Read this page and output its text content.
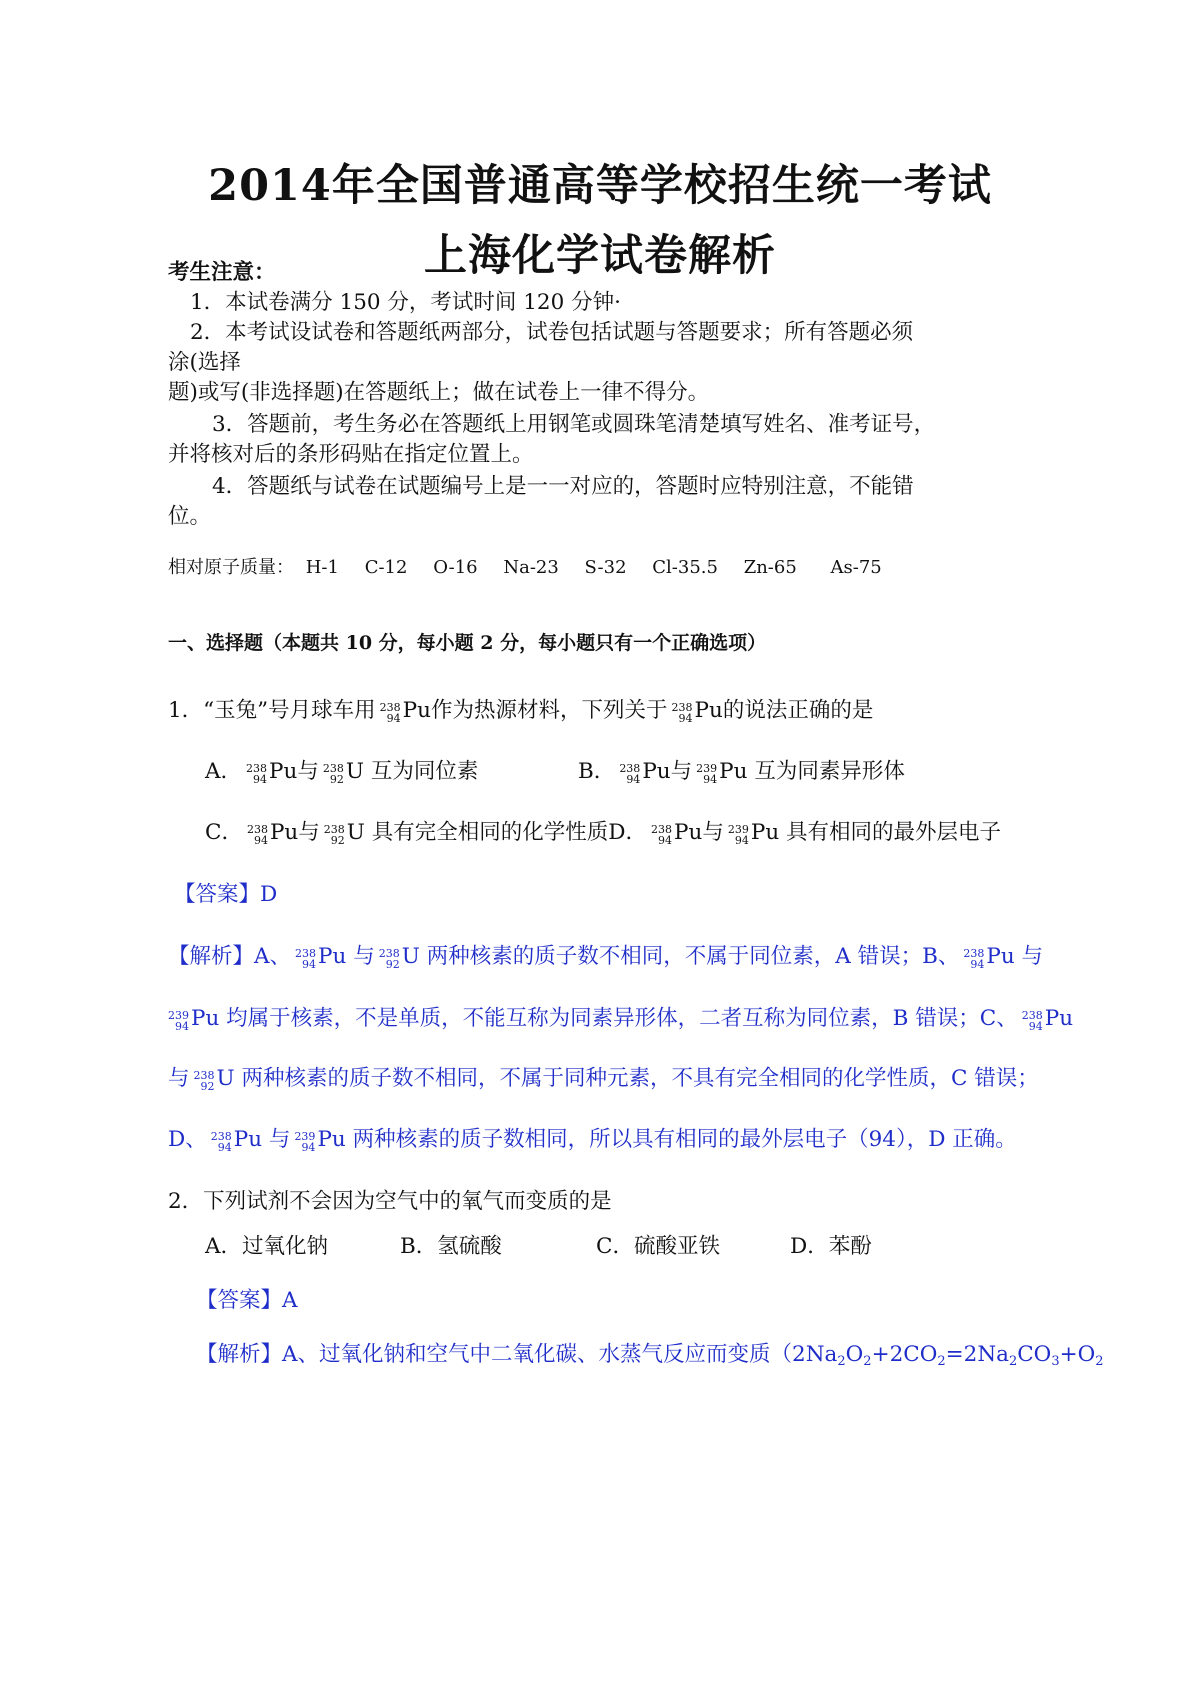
2014年全国普通高等学校招生统一考试
上海化学试卷解析
考生注意：
1．本试卷满分 150 分，考试时间 120 分钟·
2．本考试设试卷和答题纸两部分，试卷包括试题与答题要求；所有答题必须
涂(选择
题)或写(非选择题)在答题纸上；做在试卷上一律不得分。
3．答题前，考生务必在答题纸上用钢笔或圆珠笔清楚填写姓名、准考证号，
并将核对后的条形码贴在指定位置上。
4．答题纸与试卷在试题编号上是一一对应的，答题时应特别注意，不能错
位。
相对原子质量： H-1 C-12 O-16 Na-23 S-32 Cl-35.5 Zn-65 As-75
一、选择题（本题共 10 分，每小题 2 分，每小题只有一个正确选项）
1．“玉兔”号月球车用 238
94 Pu作为热源材料，下列关于 238
94 Pu的说法正确的是
A． 238
94 Pu与 238
92 U 互为同位素	B． 238
94 Pu与 239
94 Pu 互为同素异形体
C． 238
94 Pu与 238
92 U 具有完全相同的化学性质D． 238
94 Pu与 239
94 Pu 具有相同的最外层电子
【答案】D
【解析】A、 238
94 Pu 与 238
92 U 两种核素的质子数不相同，不属于同位素，A 错误；B、 238
94 Pu 与
239
94 Pu 均属于核素，不是单质，不能互称为同素异形体，二者互称为同位素，B 错误；C、 238
94 Pu
与 238
92 U 两种核素的质子数不相同，不属于同种元素，不具有完全相同的化学性质，C 错误；
D、 238
94 Pu 与 239
94 Pu 两种核素的质子数相同，所以具有相同的最外层电子（94），D 正确。
2．下列试剂不会因为空气中的氧气而变质的是
A．过氧化钠	B．氢硫酸	C．硫酸亚铁	D．苯酚
【答案】A
【解析】A、过氧化钠和空气中二氧化碳、水蒸气反应而变质（$2Na_2O_2+2CO_2=2Na_2CO_3+O_2$
